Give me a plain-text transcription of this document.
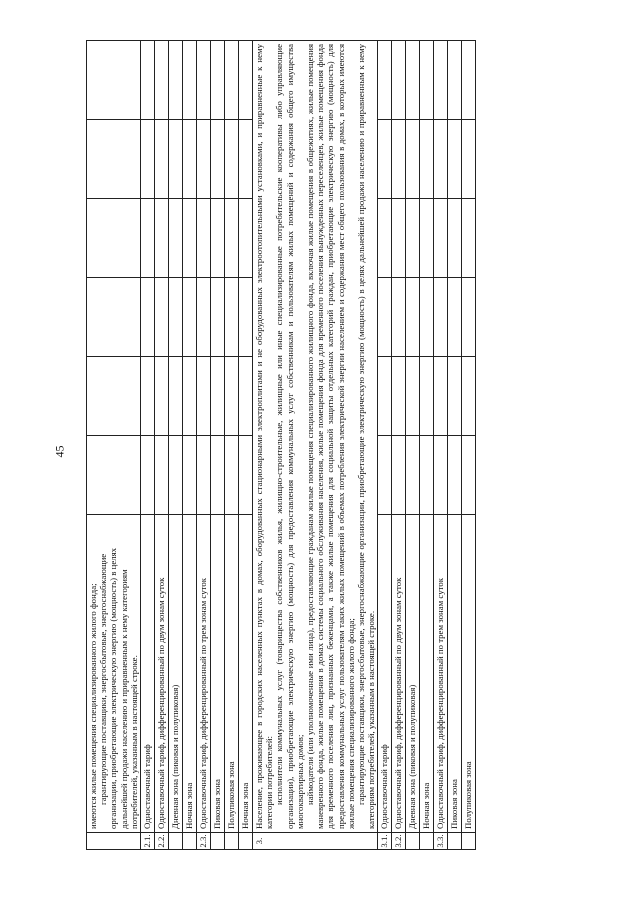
45

	имеются жилые помещения специализированного жилого фонда; гарантирующие поставщики, энергосбытовые, энергоснабжающие организации, приобретающие электрическую энергию (мощность) в целях дальнейшей продажи населению и приравненным к нему категориям потребителей, указанным в настоящей строке.						

2.1.	Одноставочный тариф						
2.2.	Одноставочный тариф, дифференцированный по двум зонам суток						
	Дневная зона (пиковая и полупиковая)						
	Ночная зона						
2.3.	Одноставочный тариф, дифференцированный по трем зонам суток						
	Пиковая зона						
	Полупиковая зона						
	Ночная зона						
3.	Население, проживающее в городских населенных пунктах в домах, оборудованных стационарными электроплитами и не оборудованных электроотопительными установками, и приравненные к нему категории потребителей: исполнители коммунальных услуг (товарищества собственников жилья, жилищно-строительные, жилищные или иные специализированные потребительские кооперативы либо управляющие организации), приобретающие электрическую энергию (мощность) для предоставления коммунальных услуг собственникам и пользователям жилых помещений и содержания общего имущества многоквартирных домов; наймодатели (или уполномоченные ими лица), предоставляющие гражданам жилые помещения специализированного жилищного фонда, включая жилые помещения в общежитиях, жилые помещения маневренного фонда, жилые помещения в домах системы социального обслуживания населения, жилые помещения фонда для временного поселения вынужденных переселенцев, жилые помещения фонда для временного поселения лиц, признанных беженцами, а также жилые помещения для социальной защиты отдельных категорий граждан, приобретающие электрическую энергию (мощность) для предоставления коммунальных услуг пользователям таких жилых помещений в объемах потребления электрической энергии населением и содержания мест общего пользования в домах, в которых имеются жилые помещения специализированного жилого фонда; гарантирующие поставщики, энергосбытовые, энергоснабжающие организации, приобретающие электрическую энергию (мощность) в целях дальнейшей продажи населению и приравненным к нему категориям потребителей, указанным в настоящей строке.						

3.1.	Одноставочный тариф						
3.2.	Одноставочный тариф, дифференцированный по двум зонам суток						
	Дневная зона (пиковая и полупиковая)						
	Ночная зона						
3.3.	Одноставочный тариф, дифференцированный по трем зонам суток						
	Пиковая зона						
	Полупиковая зона						
